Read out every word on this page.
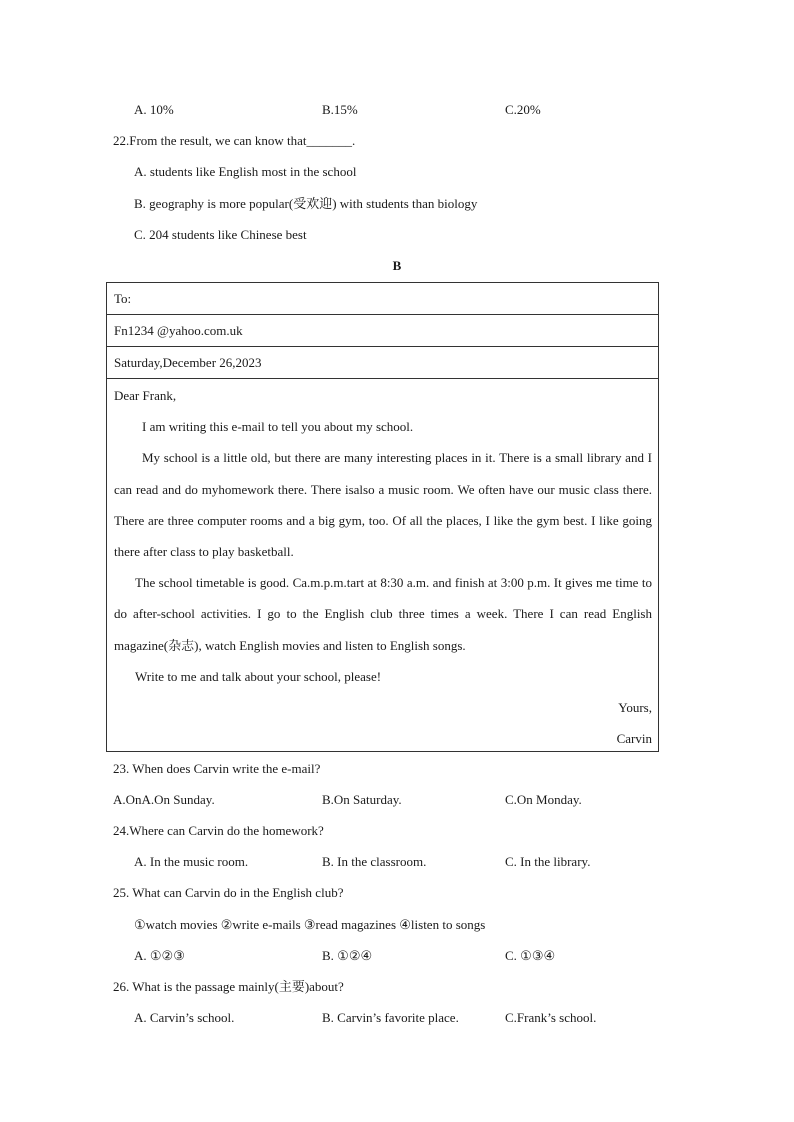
A. 10%	B.15%	C.20%
22.From the result, we can know that_______.
A. students like English most in the school
B. geography is more popular(受欢迎) with students than biology
C. 204 students like Chinese best
B
To:
Fn1234 @yahoo.com.uk
Saturday,December 26,2023

Dear Frank,

I am writing this e-mail to tell you about my school.

My school is a little old, but there are many interesting places in it. There is a small library and I can read and do myhomework there. There isalso a music room. We often have our music class there. There are three computer rooms and a big gym, too. Of all the places, I like the gym best. I like going there after class to play basketball.

The school timetable is good. Ca.m.p.m.tart at 8:30 a.m. and finish at 3:00 p.m. It gives me time to do after-school activities. I go to the English club three times a week. There I can read English magazine(杂志), watch English movies and listen to English songs.

Write to me and talk about your school, please!

Yours,

Carvin

23. When does Carvin write the e-mail?
A.OnA.On Sunday.	B.On Saturday.	C.On Monday.
24.Where can Carvin do the homework?
A. In the music room.	B. In the classroom.	C. In the library.
25. What can Carvin do in the English club?
①watch movies ②write e-mails ③read magazines ④listen to songs
A. ①②③	B. ①②④	C. ①③④
26. What is the passage mainly(主要)about?
A. Carvin’s school.	B. Carvin’s favorite place.	C.Frank’s school.
